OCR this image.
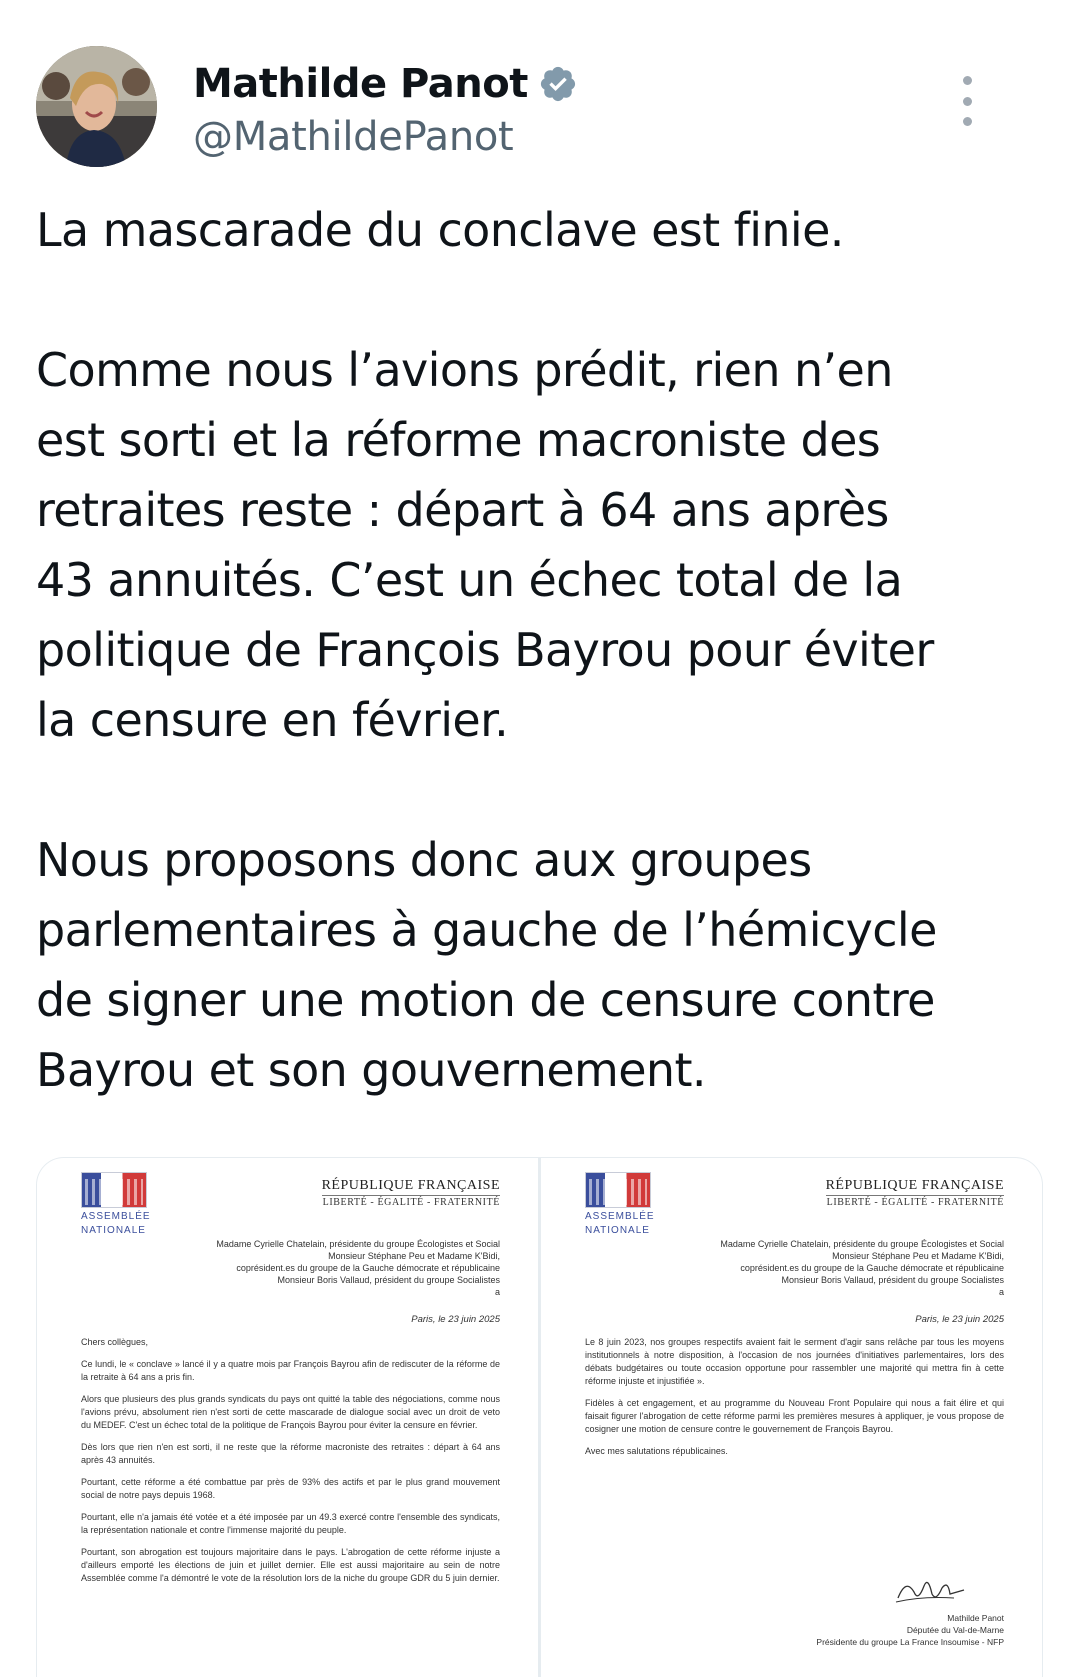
Mathilde Panot
@MathildePanot

La mascarade du conclave est finie.

Comme nous l’avions prédit, rien n’en

est sorti et la réforme macroniste des

retraites reste : départ à 64 ans après

43 annuités. C’est un échec total de la

politique de François Bayrou pour éviter

la censure en février.

Nous proposons donc aux groupes

parlementaires à gauche de l’hémicycle

de signer une motion de censure contre

Bayrou et son gouvernement.

ASSEMBLÉE
NATIONALE
RÉPUBLIQUE FRANÇAISE
LIBERTÉ - ÉGALITÉ - FRATERNITÉ
Madame Cyrielle Chatelain, présidente du groupe Écologistes et Social
Monsieur Stéphane Peu et Madame K'Bidi,
coprésident.es du groupe de la Gauche démocrate et républicaine
Monsieur Boris Vallaud, président du groupe Socialistes
a
Paris, le 23 juin 2025
Chers collègues,
Ce lundi, le « conclave » lancé il y a quatre mois par François Bayrou afin de rediscuter de la réforme de la retraite à 64 ans a pris fin.
Alors que plusieurs des plus grands syndicats du pays ont quitté la table des négociations, comme nous l'avions prévu, absolument rien n'est sorti de cette mascarade de dialogue social avec un droit de veto du MEDEF. C'est un échec total de la politique de François Bayrou pour éviter la censure en février.
Dès lors que rien n'en est sorti, il ne reste que la réforme macroniste des retraites : départ à 64 ans après 43 annuités.
Pourtant, cette réforme a été combattue par près de 93% des actifs et par le plus grand mouvement social de notre pays depuis 1968.
Pourtant, elle n'a jamais été votée et a été imposée par un 49.3 exercé contre l'ensemble des syndicats, la représentation nationale et contre l'immense majorité du peuple.
Pourtant, son abrogation est toujours majoritaire dans le pays. L'abrogation de cette réforme injuste a d'ailleurs emporté les élections de juin et juillet dernier. Elle est aussi majoritaire au sein de notre Assemblée comme l'a démontré le vote de la résolution lors de la niche du groupe GDR du 5 juin dernier.
ASSEMBLÉE
NATIONALE
RÉPUBLIQUE FRANÇAISE
LIBERTÉ - ÉGALITÉ - FRATERNITÉ
Madame Cyrielle Chatelain, présidente du groupe Écologistes et Social
Monsieur Stéphane Peu et Madame K'Bidi,
coprésident.es du groupe de la Gauche démocrate et républicaine
Monsieur Boris Vallaud, président du groupe Socialistes
a
Paris, le 23 juin 2025
Le 8 juin 2023, nos groupes respectifs avaient fait le serment d'agir sans relâche par tous les moyens institutionnels à notre disposition, à l'occasion de nos journées d'initiatives parlementaires, lors des débats budgétaires ou toute occasion opportune pour rassembler une majorité qui mettra fin à cette réforme injuste et injustifiée ».
Fidèles à cet engagement, et au programme du Nouveau Front Populaire qui nous a fait élire et qui faisait figurer l'abrogation de cette réforme parmi les premières mesures à appliquer, je vous propose de cosigner une motion de censure contre le gouvernement de François Bayrou.
Avec mes salutations républicaines.
Mathilde Panot
Députée du Val-de-Marne
Présidente du groupe La France Insoumise - NFP
